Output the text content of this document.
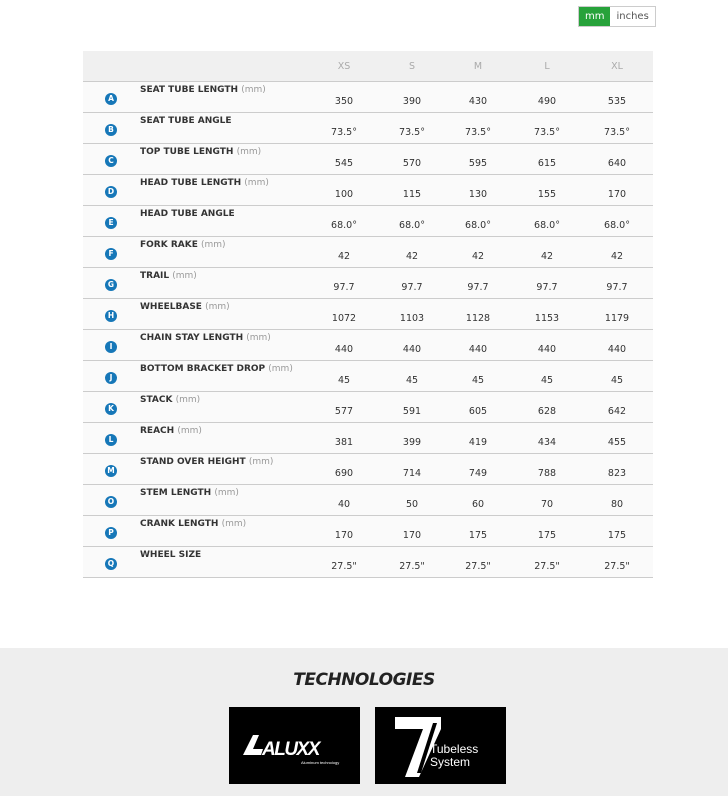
mm	inches
XS	S	M	L	XL
A
SEAT TUBE LENGTH (mm)
350	390	430	490	535
B
SEAT TUBE ANGLE
73.5°	73.5°	73.5°	73.5°	73.5°
C
TOP TUBE LENGTH (mm)
545	570	595	615	640
D
HEAD TUBE LENGTH (mm)
100	115	130	155	170
E
HEAD TUBE ANGLE
68.0°	68.0°	68.0°	68.0°	68.0°
F
FORK RAKE (mm)
42	42	42	42	42
G
TRAIL (mm)
97.7	97.7	97.7	97.7	97.7
H
WHEELBASE (mm)
1072	1103	1128	1153	1179
I
CHAIN STAY LENGTH (mm)
440	440	440	440	440
J
BOTTOM BRACKET DROP (mm)
45	45	45	45	45
K
STACK (mm)
577	591	605	628	642
L
REACH (mm)
381	399	419	434	455
M
STAND OVER HEIGHT (mm)
690	714	749	788	823
O
STEM LENGTH (mm)
40	50	60	70	80
P
CRANK LENGTH (mm)
170	170	175	175	175
Q
WHEEL SIZE
27.5"	27.5"	27.5"	27.5"	27.5"
TECHNOLOGIES
ALUXX
Aluminum technology
Tubeless
System
